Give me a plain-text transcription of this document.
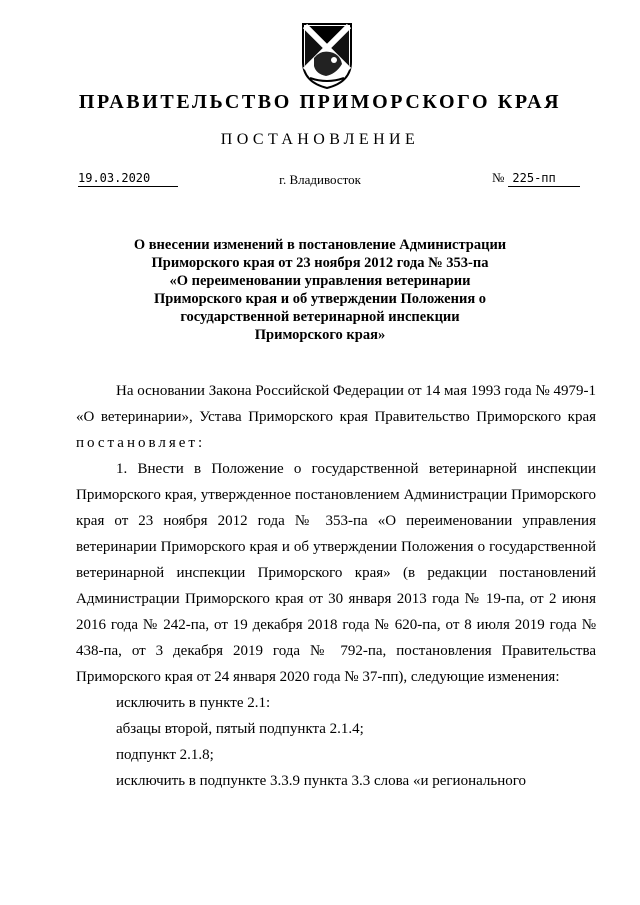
ПРАВИТЕЛЬСТВО ПРИМОРСКОГО КРАЯ
ПОСТАНОВЛЕНИЕ
19.03.2020	г. Владивосток	№ 225-пп
О внесении изменений в постановление Администрации
Приморского края от 23 ноября 2012 года № 353-па
«О переименовании управления ветеринарии
Приморского края и об утверждении Положения о
государственной ветеринарной инспекции
Приморского края»

На основании Закона Российской Федерации от 14 мая 1993 года № 4979-1 «О ветеринарии», Устава Приморского края Правительство Приморского края постановляет:

1. Внести в Положение о государственной ветеринарной инспекции Приморского края, утвержденное постановлением Администрации Приморского края от 23 ноября 2012 года № 353-па «О переименовании управления ветеринарии Приморского края и об утверждении Положения о государственной ветеринарной инспекции Приморского края» (в редакции постановлений Администрации Приморского края от 30 января 2013 года № 19-па, от 2 июня 2016 года № 242-па, от 19 декабря 2018 года № 620-па, от 8 июля 2019 года № 438-па, от 3 декабря 2019 года № 792-па, постановления Правительства Приморского края от 24 января 2020 года № 37-пп), следующие изменения:

исключить в пункте 2.1:

абзацы второй, пятый подпункта 2.1.4;

подпункт 2.1.8;

исключить в подпункте 3.3.9 пункта 3.3 слова «и регионального
